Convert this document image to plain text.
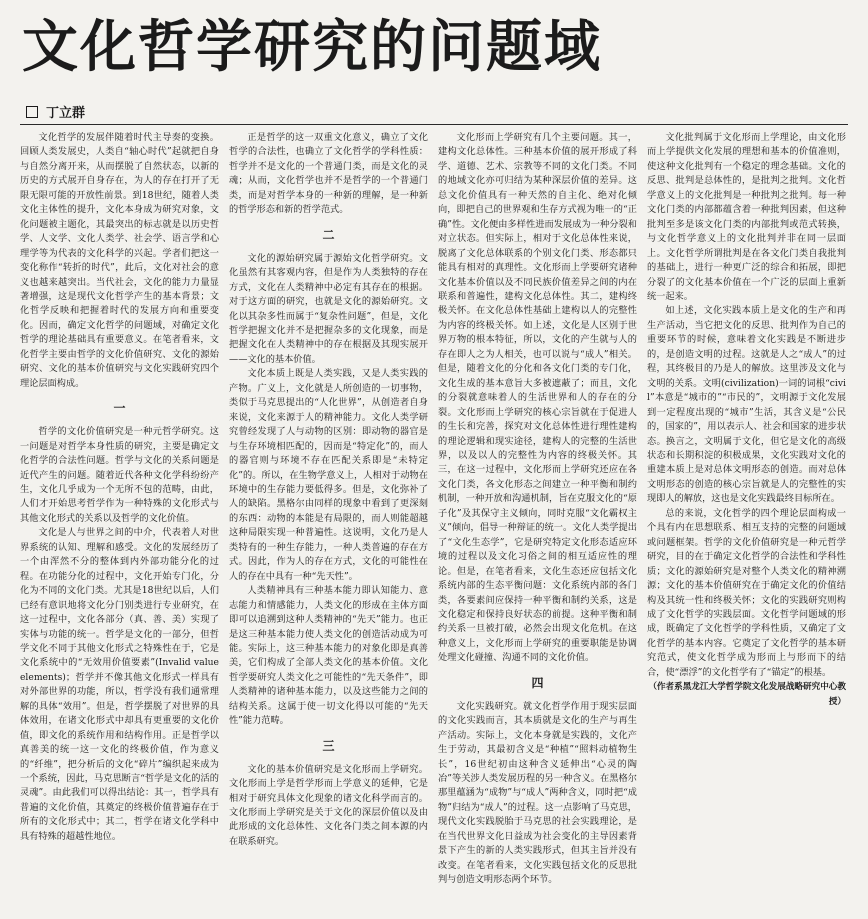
文化哲学研究的问题域
丁立群

文化哲学的发展伴随着时代主导奏的变换。回顾人类发展史，人类自“轴心时代”起就把自身与自然分离开来，从而摆脱了自然状态，以新的历史的方式展开自身存在，为人的存在打开了无限无限可能的开放性前景。到18世纪，随着人类文化主体性的提升，文化本身成为研究对象，文化问题被主题化，其最突出的标志就是以历史哲学、人文学、文化人类学、社会学、语言学和心理学等为代表的文化科学的兴起。学者们把这一变化称作“转折的时代”，此后，文化对社会的意义也越来越突出。当代社会，文化的能力力量显著增强，这是现代文化哲学产生的基本背景；文化哲学反映和把握着时代的发展方向和重要变化。因而，确定文化哲学的问题域，对确定文化哲学的理论基础具有重要意义。在笔者看来，文化哲学主要由哲学的文化价值研究、文化的源始研究、文化的基本价值研究与文化实践研究四个理论层面构成。

一

哲学的文化价值研究是一种元哲学研究。这一问题是对哲学本身性质的研究，主要是确定文化哲学的合法性问题。哲学与文化的关系问题是近代产生的问题。随着近代各种文化学科纷纷产生，文化几乎成为一个无所不包的范畴，由此，人们才开始思考哲学作为一种特殊的文化形式与其他文化形式的关系以及哲学的文化价值。

文化是人与世界之间的中介，代表着人对世界系统的认知、理解和感受。文化的发展经历了一个由浑然不分的整体到内外部功能分化的过程。在功能分化的过程中，文化开始专门化，分化为不同的文化门类。尤其是18世纪以后，人们已经有意识地将文化分门别类进行专业研究，在这一过程中，文化各部分（真、善、美）实现了实体与功能的统一。哲学是文化的一部分，但哲学文化不同于其他文化形式之特殊性在于，它是文化系统中的“无效用价值要素”(Invalid value elements)；哲学并不像其他文化形式一样具有对外部世界的功能，所以，哲学没有我们通常理解的具体“效用”。但是，哲学摆脱了对世界的具体效用，在诸文化形式中却具有更重要的文化价值，即文化的系统作用和结构作用。正是哲学以真善美的统一这一文化的终极价值，作为意义的“纤维”，把分析后的文化“碎片”编织起来成为一个系统，因此，马克思断言“哲学是文化的活的灵魂”。由此我们可以得出结论：其一，哲学具有普遍的文化价值，其奠定的终极价值普遍存在于所有的文化形式中；其二，哲学在诸文化学科中具有特殊的超越性地位。

正是哲学的这一双重文化意义，确立了文化哲学的合法性，也确立了文化哲学的学科性质：哲学并不是文化的一个普通门类，而是文化的灵魂；从而，文化哲学也并不是哲学的一个普通门类，而是对哲学本身的一种新的理解，是一种新的哲学形态和新的哲学范式。

二

文化的源始研究属于源始文化哲学研究。文化虽然有其客观内容，但是作为人类独特的存在方式，文化在人类精神中必定有其存在的根据。对于这方面的研究，也就是文化的源始研究。文化以其杂多性而属于“复杂性问题”，但是，文化哲学把握文化并不是把握杂多的文化现象，而是把握文化在人类精神中的存在根据及其现实展开——文化的基本价值。

文化本质上既是人类实践，又是人类实践的产物。广义上，文化就是人所创造的一切事物，类似于马克思提出的“人化世界”，从创造者自身来说，文化来源于人的精神能力。文化人类学研究曾经发现了人与动物的区别：即动物的器官是与生存环境相匹配的，因而是“特定化”的，而人的器官则与环境不存在匹配关系即是“未特定化”的。所以，在生物学意义上，人相对于动物在环境中的生存能力要低得多。但是，文化弥补了人的缺陷。黑格尔由同样的现象中看到了更深刻的东西：动物的本能是有局限的，而人则能超越这种局限实现一种普遍性。这说明，文化乃是人类特有的一种生存能力，一种人类普遍的存在方式。因此，作为人的存在方式，文化的可能性在人的存在中具有一种“先天性”。

人类精神具有三种基本能力即认知能力、意志能力和情感能力，人类文化的形成在主体方面即可以追溯到这种人类精神的“先天”能力。也正是这三种基本能力使人类文化的创造活动成为可能。实际上，这三种基本能力的对象化即是真善美，它们构成了全部人类文化的基本价值。文化哲学要研究人类文化之可能性的“先天条件”，即人类精神的诸种基本能力，以及这些能力之间的结构关系。这属于使一切文化得以可能的“先天性”能力范畴。

三

文化的基本价值研究是文化形而上学研究。文化形而上学是哲学形而上学意义的延伸，它是相对于研究具体文化现象的诸文化科学而言的。文化形而上学研究是关于文化的深层价值以及由此形成的文化总体性、文化各门类之间本源的内在联系研究。

文化形而上学研究有几个主要问题。其一，建构文化总体性。三种基本价值的展开形成了科学、道德、艺术、宗教等不同的文化门类。不同的地域文化亦可归结为某种深层价值的差异。这总文化价值具有一种天然的自主化、绝对化倾向，即把自己的世界观和生存方式视为唯一的“正确”性。文化便由多样性进而发展成为一种分裂和对立状态。但实际上，相对于文化总体性来说，脱离了文化总体联系的个别文化门类、形态都只能具有相对的真理性。文化形而上学要研究诸种文化基本价值以及不同民族价值差异之间的内在联系和普遍性，建构文化总体性。其二，建构终极关怀。在文化总体性基础上建构以人的完整性为内容的终极关怀。如上述，文化是人区别于世界万物的根本特征，所以，文化的产生就与人的存在即人之为人相关，也可以说与“成人”相关。但是，随着文化的分化和各文化门类的专门化，文化生成的基本意旨大多被遮蔽了；而且，文化的分裂就意味着人的生活世界和人的存在的分裂。文化形而上学研究的核心宗旨就在于促进人的生长和完善，探究对文化总体性进行理性建构的理论逻辑和现实途径，建构人的完整的生活世界，以及以人的完整性为内容的终极关怀。其三，在这一过程中，文化形而上学研究还应在各文化门类，各文化形态之间建立一种平衡和制约机制，一种开放和沟通机制，旨在克服文化的“原子化”及其保守主义倾向，同时克服“文化霸权主义”倾向，倡导一种辩证的统一。文化人类学提出了“文化生态学”，它是研究特定文化形态适应环境的过程以及文化习俗之间的相互适应性的理论。但是，在笔者看来，文化生态还应包括文化系统内部的生态平衡问题：文化系统内部的各门类，各要素间应保持一种平衡和制约关系，这是文化稳定和保持良好状态的前提。这种平衡和制约关系一旦被打破，必然会出现文化危机。在这种意义上，文化形而上学研究的重要职能是协调处理文化碰撞、沟通不同的文化价值。

四

文化实践研究。就文化哲学作用于现实层面的文化实践而言，其本质就是文化的生产与再生产活动。实际上，文化本身就是实践的，文化产生于劳动，其最初含义是“种植”“照料动植物生长”，16世纪初由这种含义延伸出“心灵的陶冶”等关涉人类发展历程的另一种含义。在黑格尔那里蕴涵为“成物”与“成人”两种含义，同时把“成物”归结为“成人”的过程。这一点影响了马克思，现代文化实践脱胎于马克思的社会实践理论，是在当代世界文化日益成为社会变化的主导因素背景下产生的新的人类实践形式，但其主旨并没有改变。在笔者看来，文化实践包括文化的反思批判与创造文明形态两个环节。

文化批判属于文化形而上学理论，由文化形而上学提供文化发展的理想和基本的价值准则，使这种文化批判有一个稳定的理念基础。文化的反思、批判是总体性的，是批判之批判。文化哲学意义上的文化批判是一种批判之批判。每一种文化门类的内部都蕴含着一种批判因素，但这种批判至多是该文化门类的内部批判或范式转换，与文化哲学意义上的文化批判并非在同一层面上。文化哲学所谓批判是在各文化门类自我批判的基础上，进行一种更广泛的综合和拓展，即把分裂了的文化基本价值在一个广泛的层面上重新统一起来。

如上述，文化实践本质上是文化的生产和再生产活动，当它把文化的反思、批判作为自己的重要环节的时候，意味着文化实践是不断进步的，是创造文明的过程。这就是人之“成人”的过程，其终极目的乃是人的解放。这里涉及文化与文明的关系。文明(civilization)一词的词根“civil”本意是“城市的”“市民的”，文明源于文化发展到一定程度出现的“城市”生活，其含义是“公民的，国家的”，用以表示人、社会和国家的进步状态。换言之，文明属于文化，但它是文化的高级状态和长期积淀的积极成果，文化实践对文化的重建本质上是对总体文明形态的创造。而对总体文明形态的创造的核心宗旨就是人的完整性的实现即人的解放，这也是文化实践最终目标所在。

总的来说，文化哲学的四个理论层面构成一个具有内在思想联系、相互支持的完整的问题域或问题框架。哲学的文化价值研究是一种元哲学研究，目的在于确定文化哲学的合法性和学科性质；文化的源始研究是对整个人类文化的精神溯源；文化的基本价值研究在于确定文化的价值结构及其统一性和终极关怀；文化的实践研究则构成了文化哲学的实践层面。文化哲学问题域的形成，既确定了文化哲学的学科性质，又确定了文化哲学的基本内容。它奠定了文化哲学的基本研究范式，使文化哲学成为形而上与形而下的结合，使“漂浮”的文化哲学有了“锚定”的根基。

（作者系黑龙江大学哲学院文化发展战略研究中心教授）
